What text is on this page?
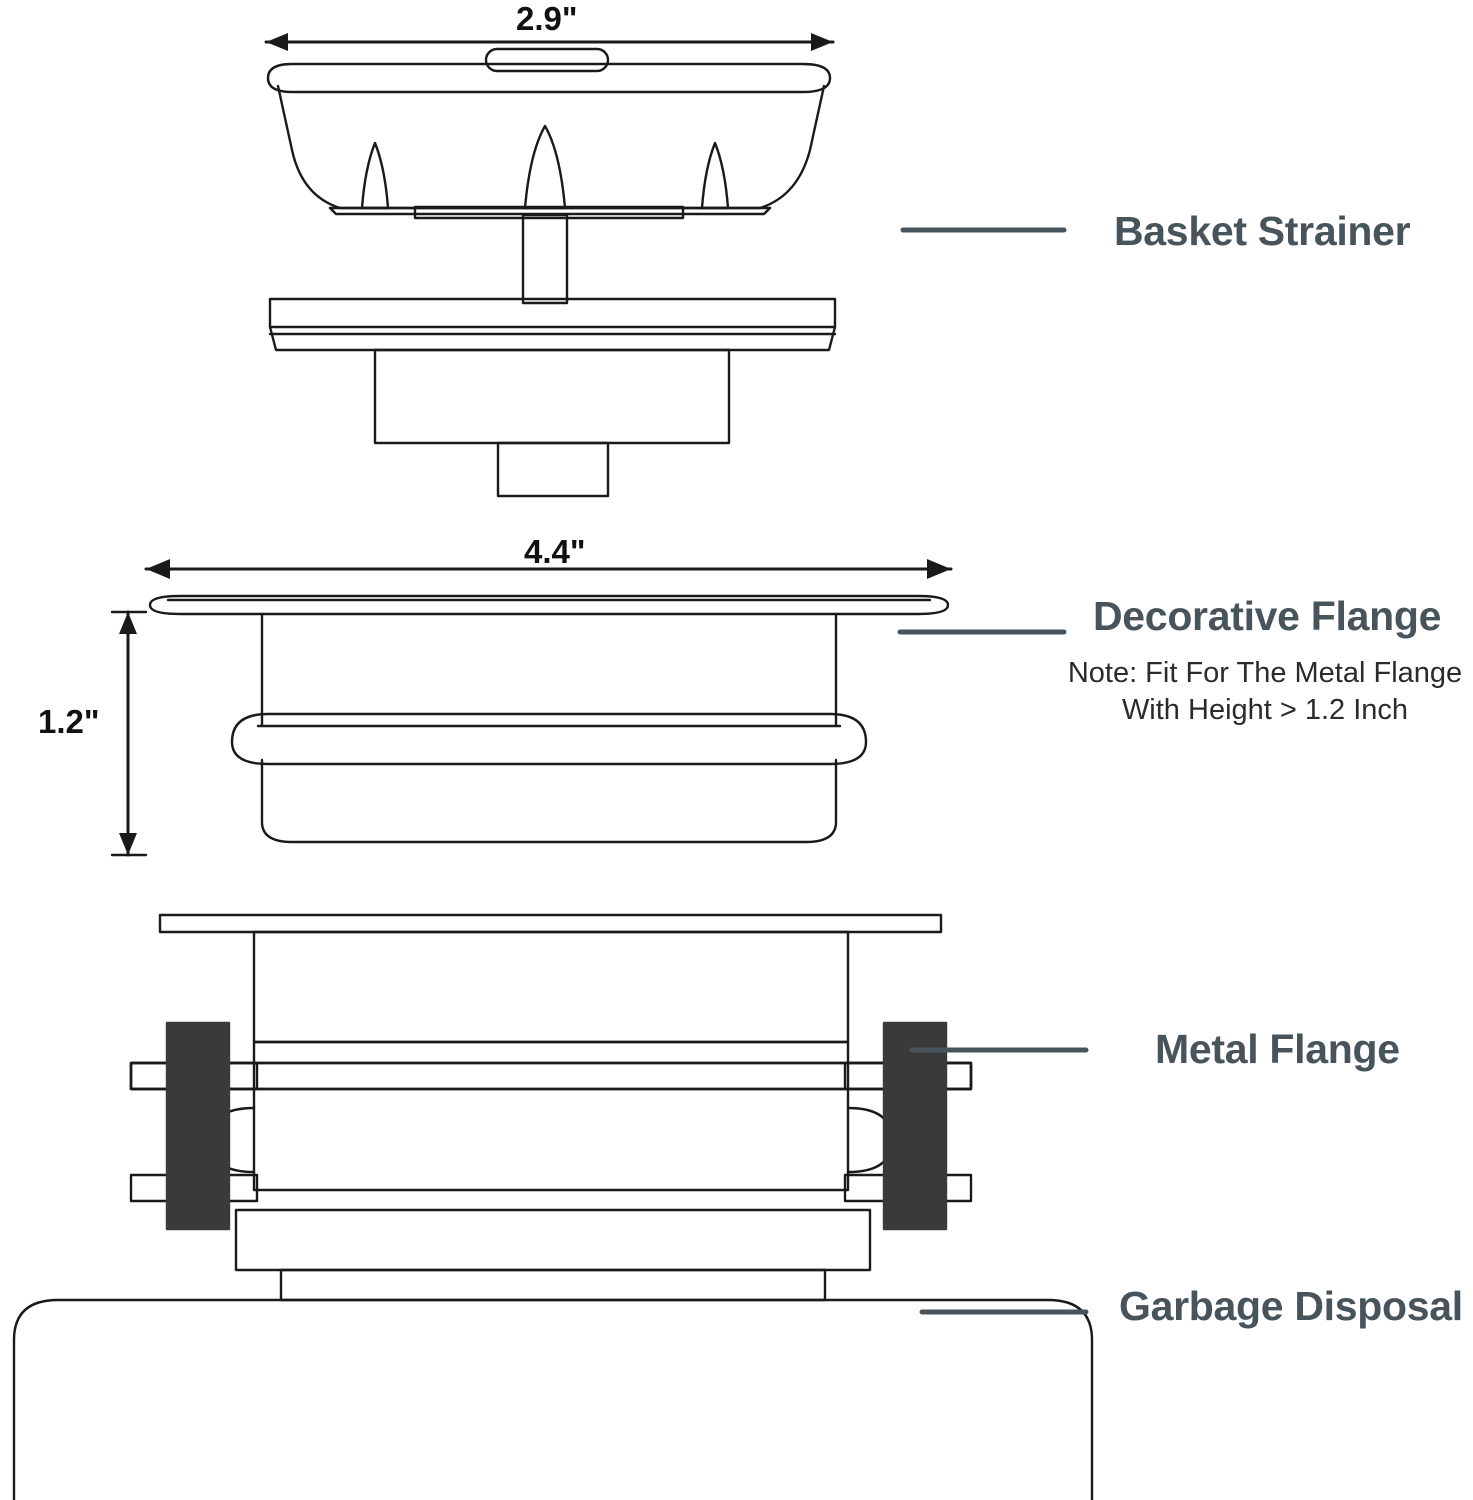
2.9"
4.4"
1.2"
Basket Strainer
Decorative Flange
Metal Flange
Garbage Disposal
Note: Fit For The Metal Flange
With Height > 1.2 Inch
